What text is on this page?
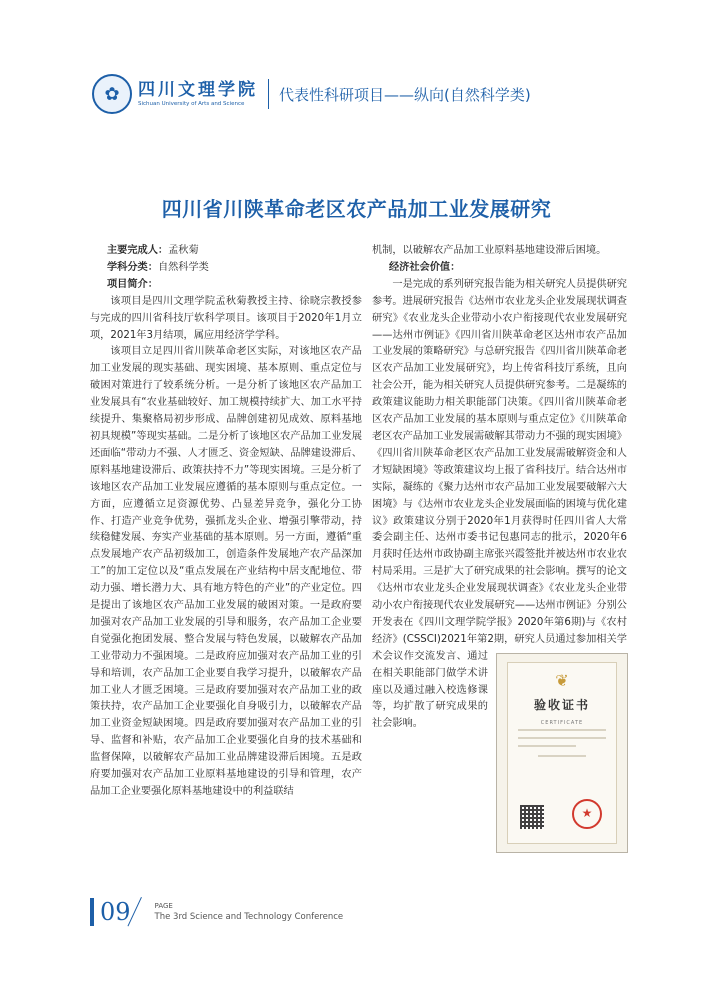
✿	四川文理学院
Sichuan University of Arts and Science
代表性科研项目——纵向(自然科学类)
四川省川陕革命老区农产品加工业发展研究

主要完成人：孟秋菊

学科分类：自然科学类

项目简介：

该项目是四川文理学院孟秋菊教授主持、徐晓宗教授参与完成的四川省科技厅软科学项目。该项目于2020年1月立项，2021年3月结项，属应用经济学学科。

该项目立足四川省川陕革命老区实际，对该地区农产品加工业发展的现实基础、现实困境、基本原则、重点定位与破困对策进行了较系统分析。一是分析了该地区农产品加工业发展具有“农业基础较好、加工规模持续扩大、加工水平持续提升、集聚格局初步形成、品牌创建初见成效、原料基地初具规模”等现实基础。二是分析了该地区农产品加工业发展还面临“带动力不强、人才匮乏、资金短缺、品牌建设滞后、原料基地建设滞后、政策扶持不力”等现实困境。三是分析了该地区农产品加工业发展应遵循的基本原则与重点定位。一方面，应遵循立足资源优势、凸显差异竞争，强化分工协作、打造产业竞争优势，强抓龙头企业、增强引擎带动，持续稳健发展、夯实产业基础的基本原则。另一方面，遵循“重点发展地产农产品初级加工，创造条件发展地产农产品深加工”的加工定位以及“重点发展在产业结构中居支配地位、带动力强、增长潜力大、具有地方特色的产业”的产业定位。四是提出了该地区农产品加工业发展的破困对策。一是政府要加强对农产品加工业发展的引导和服务，农产品加工企业要自觉强化抱团发展、整合发展与特色发展，以破解农产品加工业带动力不强困境。二是政府应加强对农产品加工业的引导和培训，农产品加工企业要自我学习提升，以破解农产品加工业人才匮乏困境。三是政府要加强对农产品加工业的政策扶持，农产品加工企业要强化自身吸引力，以破解农产品加工业资金短缺困境。四是政府要加强对农产品加工业的引导、监督和补贴，农产品加工企业要强化自身的技术基础和监督保障，以破解农产品加工业品牌建设滞后困境。五是政府要加强对农产品加工业原料基地建设的引导和管理，农产品加工企业要强化原料基地建设中的利益联结

机制，以破解农产品加工业原料基地建设滞后困境。

经济社会价值：

❦
验收证书
CERTIFICATE
★

一是完成的系列研究报告能为相关研究人员提供研究参考。进展研究报告《达州市农业龙头企业发展现状调查研究》《农业龙头企业带动小农户衔接现代农业发展研究——达州市例证》《四川省川陕革命老区达州市农产品加工业发展的策略研究》与总研究报告《四川省川陕革命老区农产品加工业发展研究》，均上传省科技厅系统，且向社会公开，能为相关研究人员提供研究参考。二是凝练的政策建议能助力相关职能部门决策。《四川省川陕革命老区农产品加工业发展的基本原则与重点定位》《川陕革命老区农产品加工业发展需破解其带动力不强的现实困境》《四川省川陕革命老区农产品加工业发展需破解资金和人才短缺困境》等政策建议均上报了省科技厅。结合达州市实际，凝练的《聚力达州市农产品加工业发展要破解六大困境》与《达州市农业龙头企业发展面临的困境与优化建议》政策建议分别于2020年1月获得时任四川省人大常委会副主任、达州市委书记包惠同志的批示，2020年6月获时任达州市政协副主席张兴霞签批并被达州市农业农村局采用。三是扩大了研究成果的社会影响。撰写的论文《达州市农业龙头企业发展现状调查》《农业龙头企业带动小农户衔接现代农业发展研究——达州市例证》分别公开发表在《四川文理学院学报》2020年第6期)与《农村经济》(CSSCI)2021年第2期，研究人员通过参加相关学术会议作交流发言、通过在相关职能部门做学术讲座以及通过融入校选修课等，均扩散了研究成果的社会影响。

09	PAGE
The 3rd Science and Technology Conference
